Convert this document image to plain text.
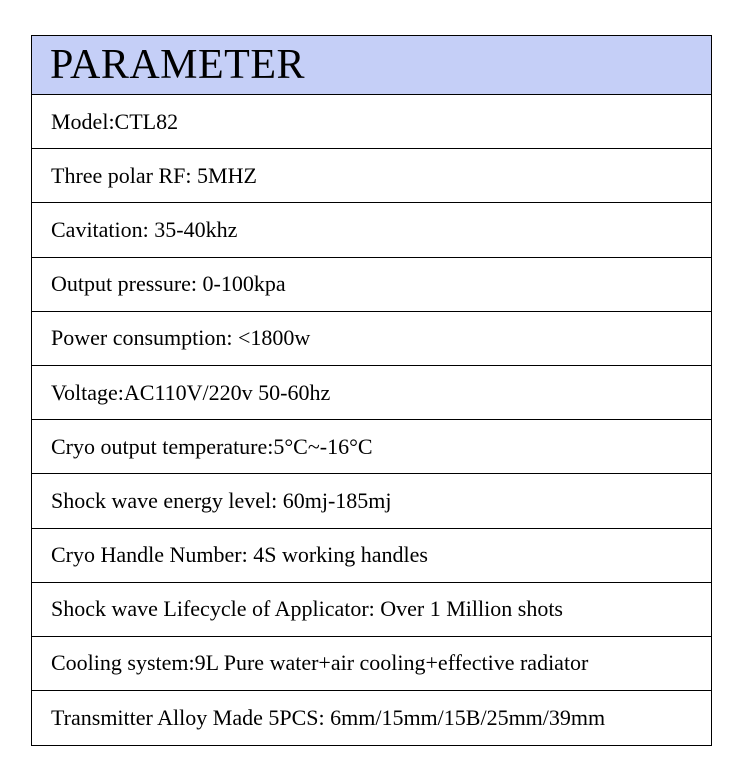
PARAMETER
Model:CTL82
Three polar RF: 5MHZ
Cavitation: 35-40khz
Output pressure: 0-100kpa
Power consumption: <1800w
Voltage:AC110V/220v 50-60hz
Cryo output temperature:5°C~-16°C
Shock wave energy level: 60mj-185mj
Cryo Handle Number: 4S working handles
Shock wave Lifecycle of Applicator: Over 1 Million shots
Cooling system:9L Pure water+air cooling+effective radiator
Transmitter Alloy Made 5PCS: 6mm/15mm/15B/25mm/39mm
